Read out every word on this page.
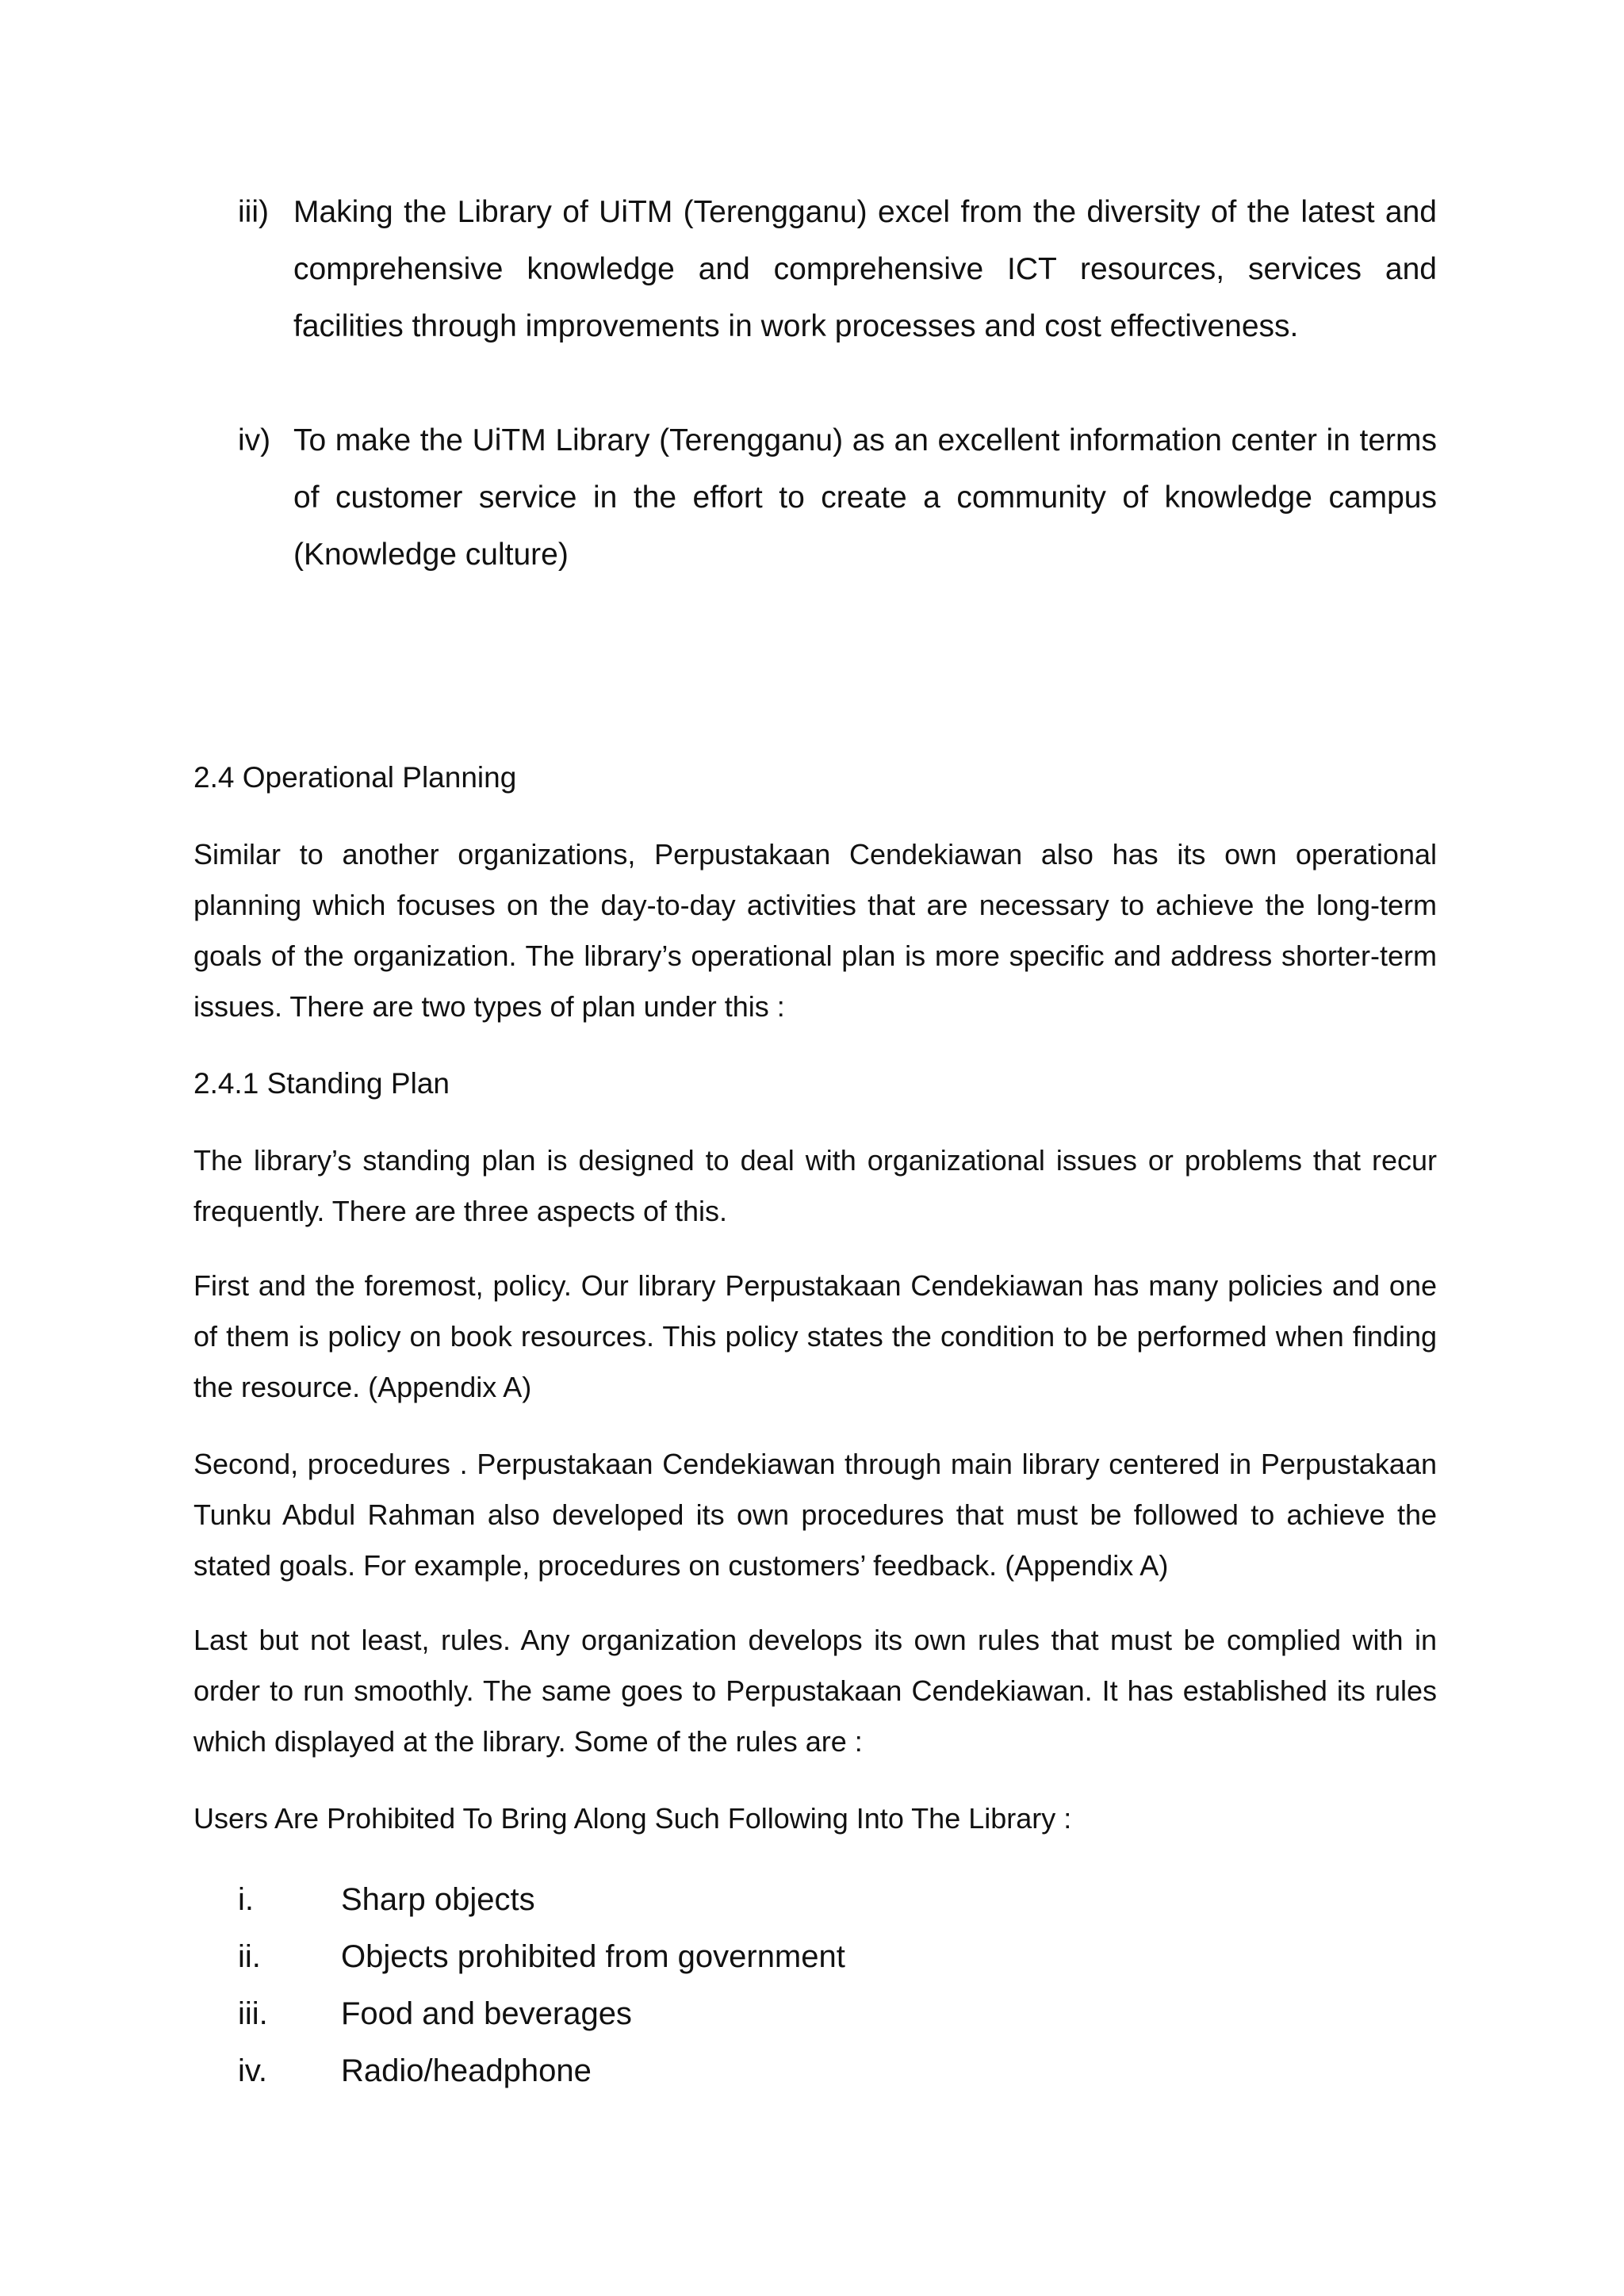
iii) Making the Library of UiTM (Terengganu) excel from the diversity of the latest and comprehensive knowledge and comprehensive ICT resources, services and facilities through improvements in work processes and cost effectiveness.
iv) To make the UiTM Library (Terengganu) as an excellent information center in terms of customer service in the effort to create a community of knowledge campus (Knowledge culture)
2.4 Operational Planning

Similar to another organizations, Perpustakaan Cendekiawan also has its own operational planning which focuses on the day-to-day activities that are necessary to achieve the long-term goals of the organization. The library’s operational plan is more specific and address shorter-term issues. There are two types of plan under this :

2.4.1 Standing Plan

The library’s standing plan is designed to deal with organizational issues or problems that recur frequently. There are three aspects of this.

First and the foremost, policy. Our library Perpustakaan Cendekiawan has many policies and one of them is policy on book resources. This policy states the condition to be performed when finding the resource. (Appendix A)

Second, procedures . Perpustakaan Cendekiawan through main library centered in Perpustakaan Tunku Abdul Rahman also developed its own procedures that must be followed to achieve the stated goals. For example, procedures on customers’ feedback. (Appendix A)

Last but not least, rules. Any organization develops its own rules that must be complied with in order to run smoothly. The same goes to Perpustakaan Cendekiawan. It has established its rules which displayed at the library. Some of the rules are :

Users Are Prohibited To Bring Along Such Following Into The Library :

i.	Sharp objects
ii.	Objects prohibited from government
iii. Food and beverages
iv. Radio/headphone
